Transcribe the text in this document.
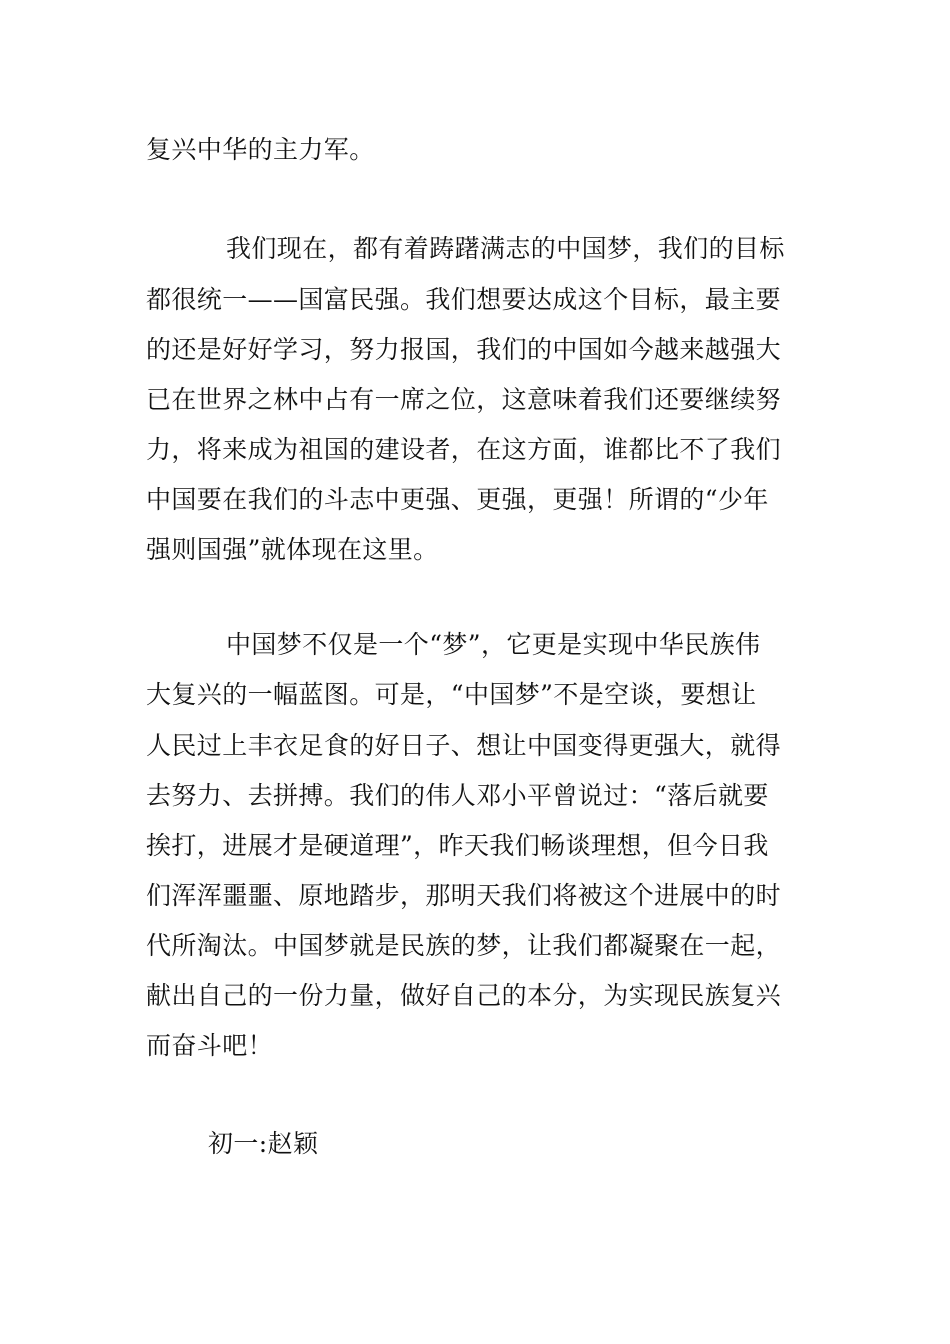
复兴中华的主力军。
我们现在，都有着踌躇满志的中国梦，我们的目标
都很统一——国富民强。我们想要达成这个目标，最主要
的还是好好学习，努力报国，我们的中国如今越来越强大
已在世界之林中占有一席之位，这意味着我们还要继续努
力，将来成为祖国的建设者，在这方面，谁都比不了我们
中国要在我们的斗志中更强、更强，更强！所谓的“少年
强则国强”就体现在这里。
中国梦不仅是一个“梦”，它更是实现中华民族伟
大复兴的一幅蓝图。可是，“中国梦”不是空谈，要想让
人民过上丰衣足食的好日子、想让中国变得更强大，就得
去努力、去拼搏。我们的伟人邓小平曾说过：“落后就要
挨打，进展才是硬道理”，昨天我们畅谈理想，但今日我
们浑浑噩噩、原地踏步，那明天我们将被这个进展中的时
代所淘汰。中国梦就是民族的梦，让我们都凝聚在一起，
献出自己的一份力量，做好自己的本分，为实现民族复兴
而奋斗吧！
初一:赵颖
